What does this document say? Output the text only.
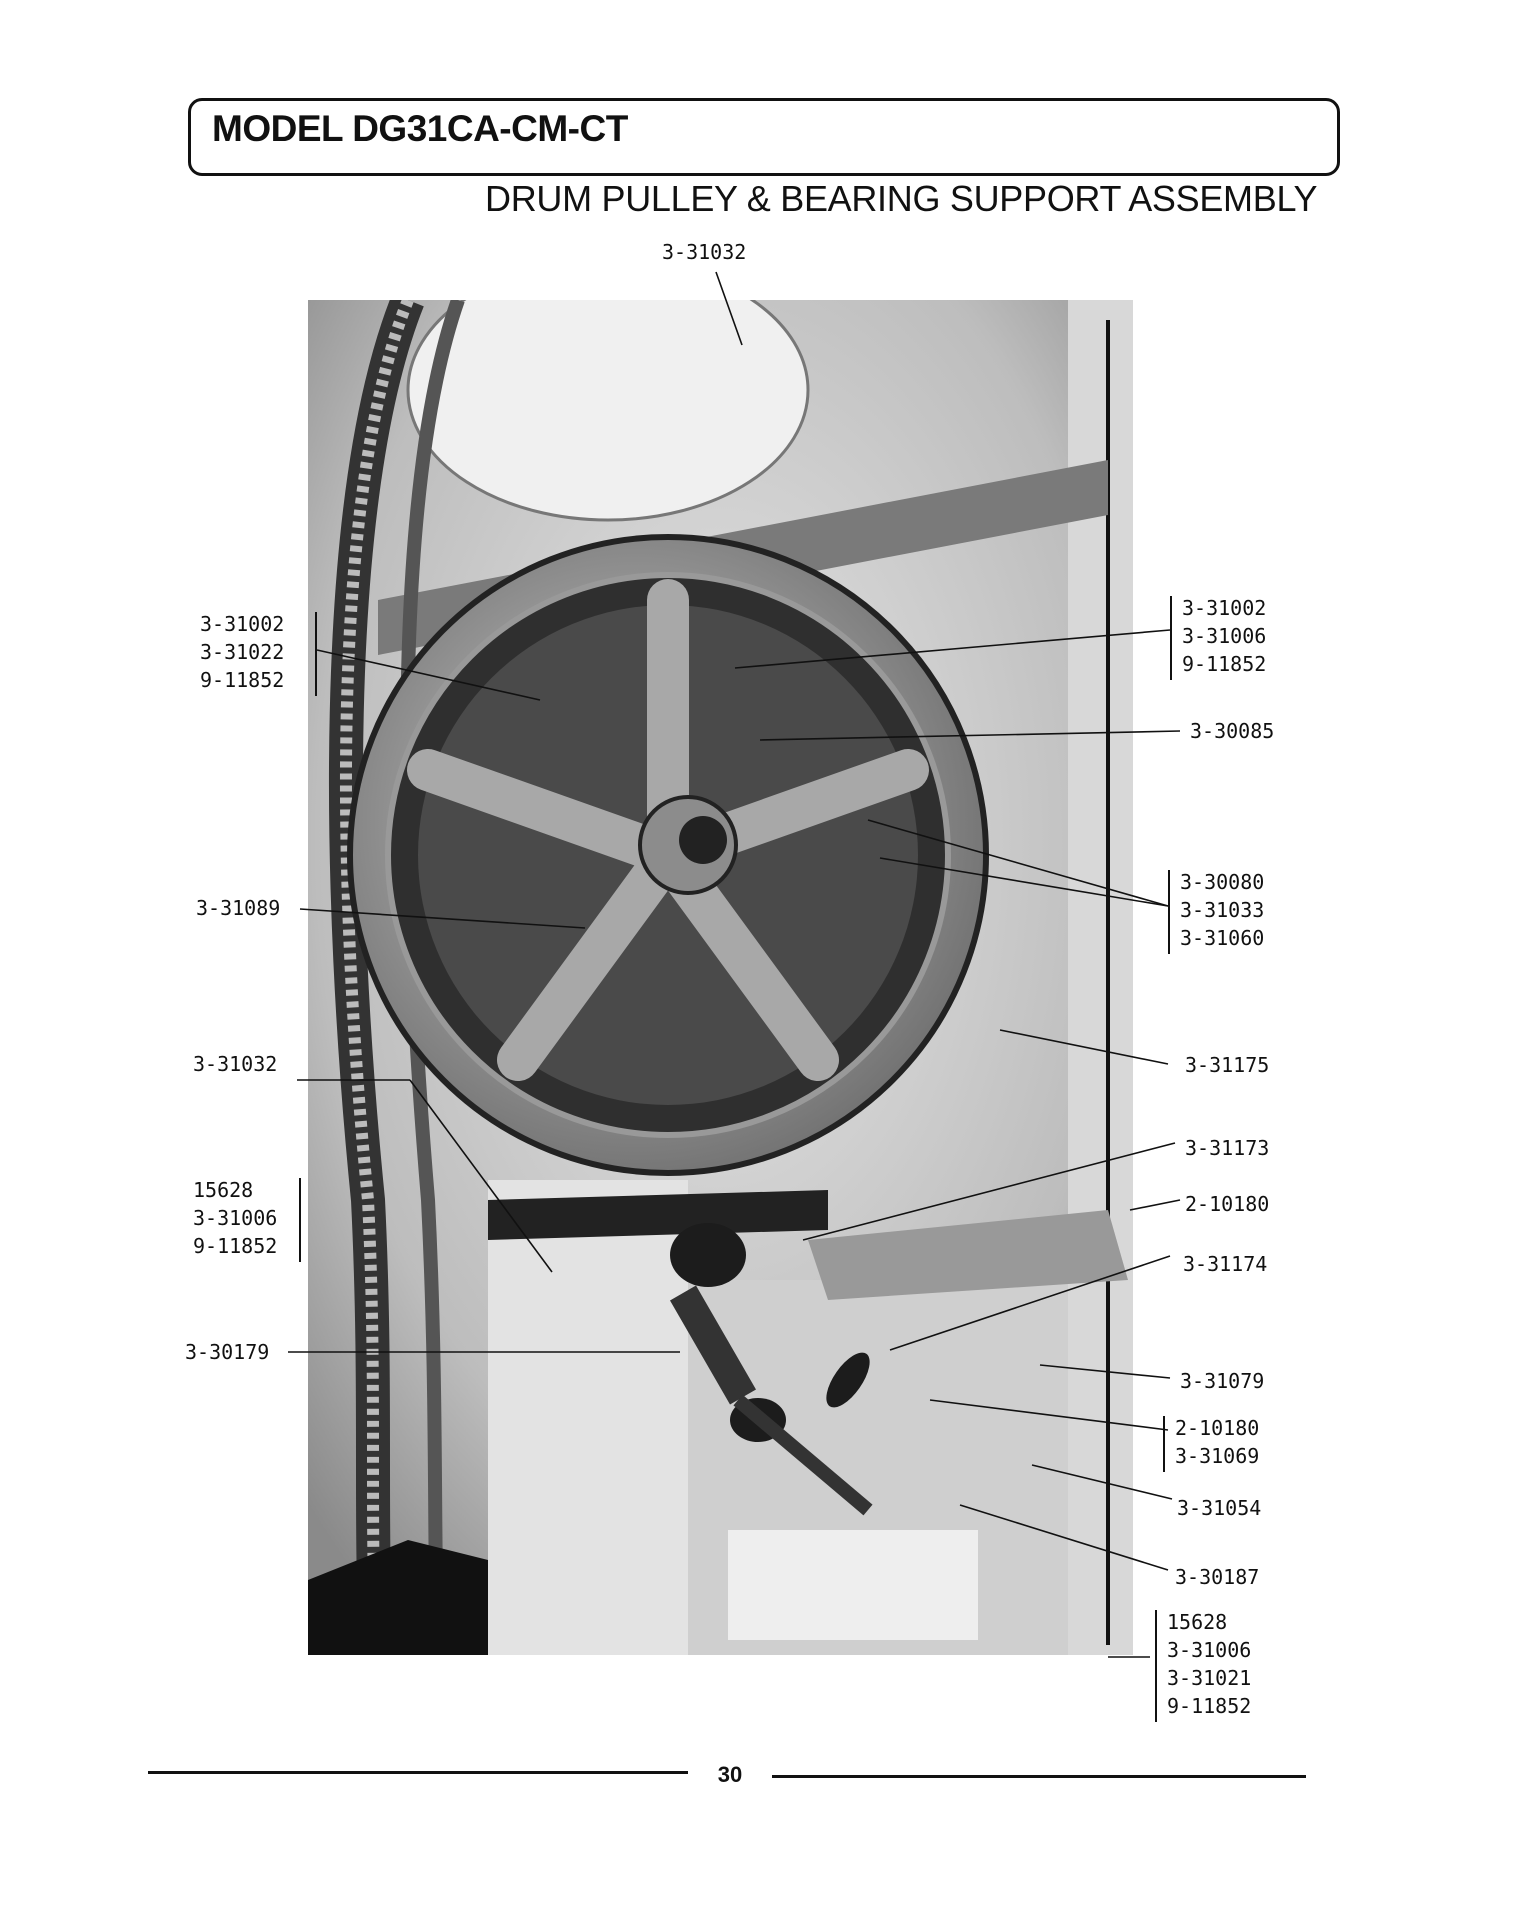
MODEL DG31CA-CM-CT
DRUM PULLEY & BEARING SUPPORT ASSEMBLY
3-31032
3-31002
3-31022
9-11852
3-31089
3-31032
15628
3-31006
9-11852
3-30179
3-31002
3-31006
9-11852
3-30085
3-30080
3-31033
3-31060
3-31175
3-31173
2-10180
3-31174
3-31079
2-10180
3-31069
3-31054
3-30187
15628
3-31006
3-31021
9-11852
30
